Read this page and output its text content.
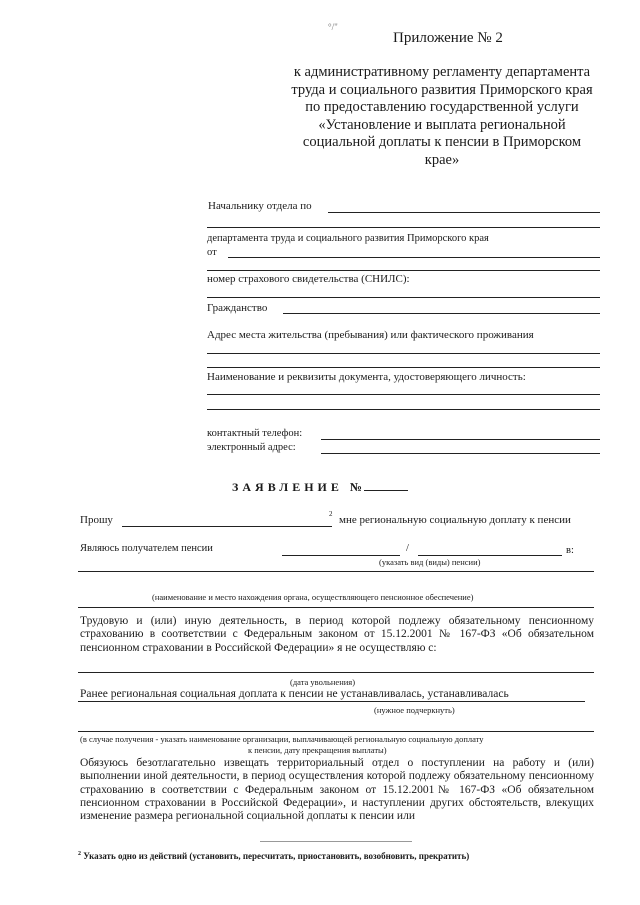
°/"
Приложение № 2
к административному регламенту департамента труда и социального развития Приморского края по предоставлению государственной услуги «Установление и выплата региональной социальной доплаты к пенсии в Приморском крае»
Начальнику отдела по
департамента труда и социального развития Приморского края
от
номер страхового свидетельства (СНИЛС):
Гражданство
Адрес места жительства (пребывания) или фактического проживания
Наименование и реквизиты документа, удостоверяющего личность:
контактный телефон:
электронный адрес:
ЗАЯВЛЕНИЕ №
Прошу	2 мне региональную социальную доплату к пенсии
Являюсь получателем пенсии	/	в:
(указать вид (виды) пенсии)
(наименование и место нахождения органа, осуществляющего пенсионное обеспечение)
Трудовую и (или) иную деятельность, в период которой подлежу обязательному пенсионному страхованию в соответствии с Федеральным законом от 15.12.2001 № 167-ФЗ «Об обязательном пенсионном страховании в Российской Федерации» я не осуществляю с:
(дата увольнения)
Ранее региональная социальная доплата к пенсии не устанавливалась, устанавливалась
(нужное подчеркнуть)
(в случае получения - указать наименование организации, выплачивающей региональную социальную доплату
к пенсии, дату прекращения выплаты)
Обязуюсь безотлагательно извещать территориальный отдел о поступлении на работу и (или) выполнении иной деятельности, в период осуществления которой подлежу обязательному пенсионному страхованию в соответствии с Федеральным законом от 15.12.2001№ 167-ФЗ «Об обязательном пенсионном страховании в Российской Федерации», и наступлении других обстоятельств, влекущих изменение размера региональной социальной доплаты к пенсии или
$^2$ Указать одно из действий (установить, пересчитать, приостановить, возобновить, прекратить)
